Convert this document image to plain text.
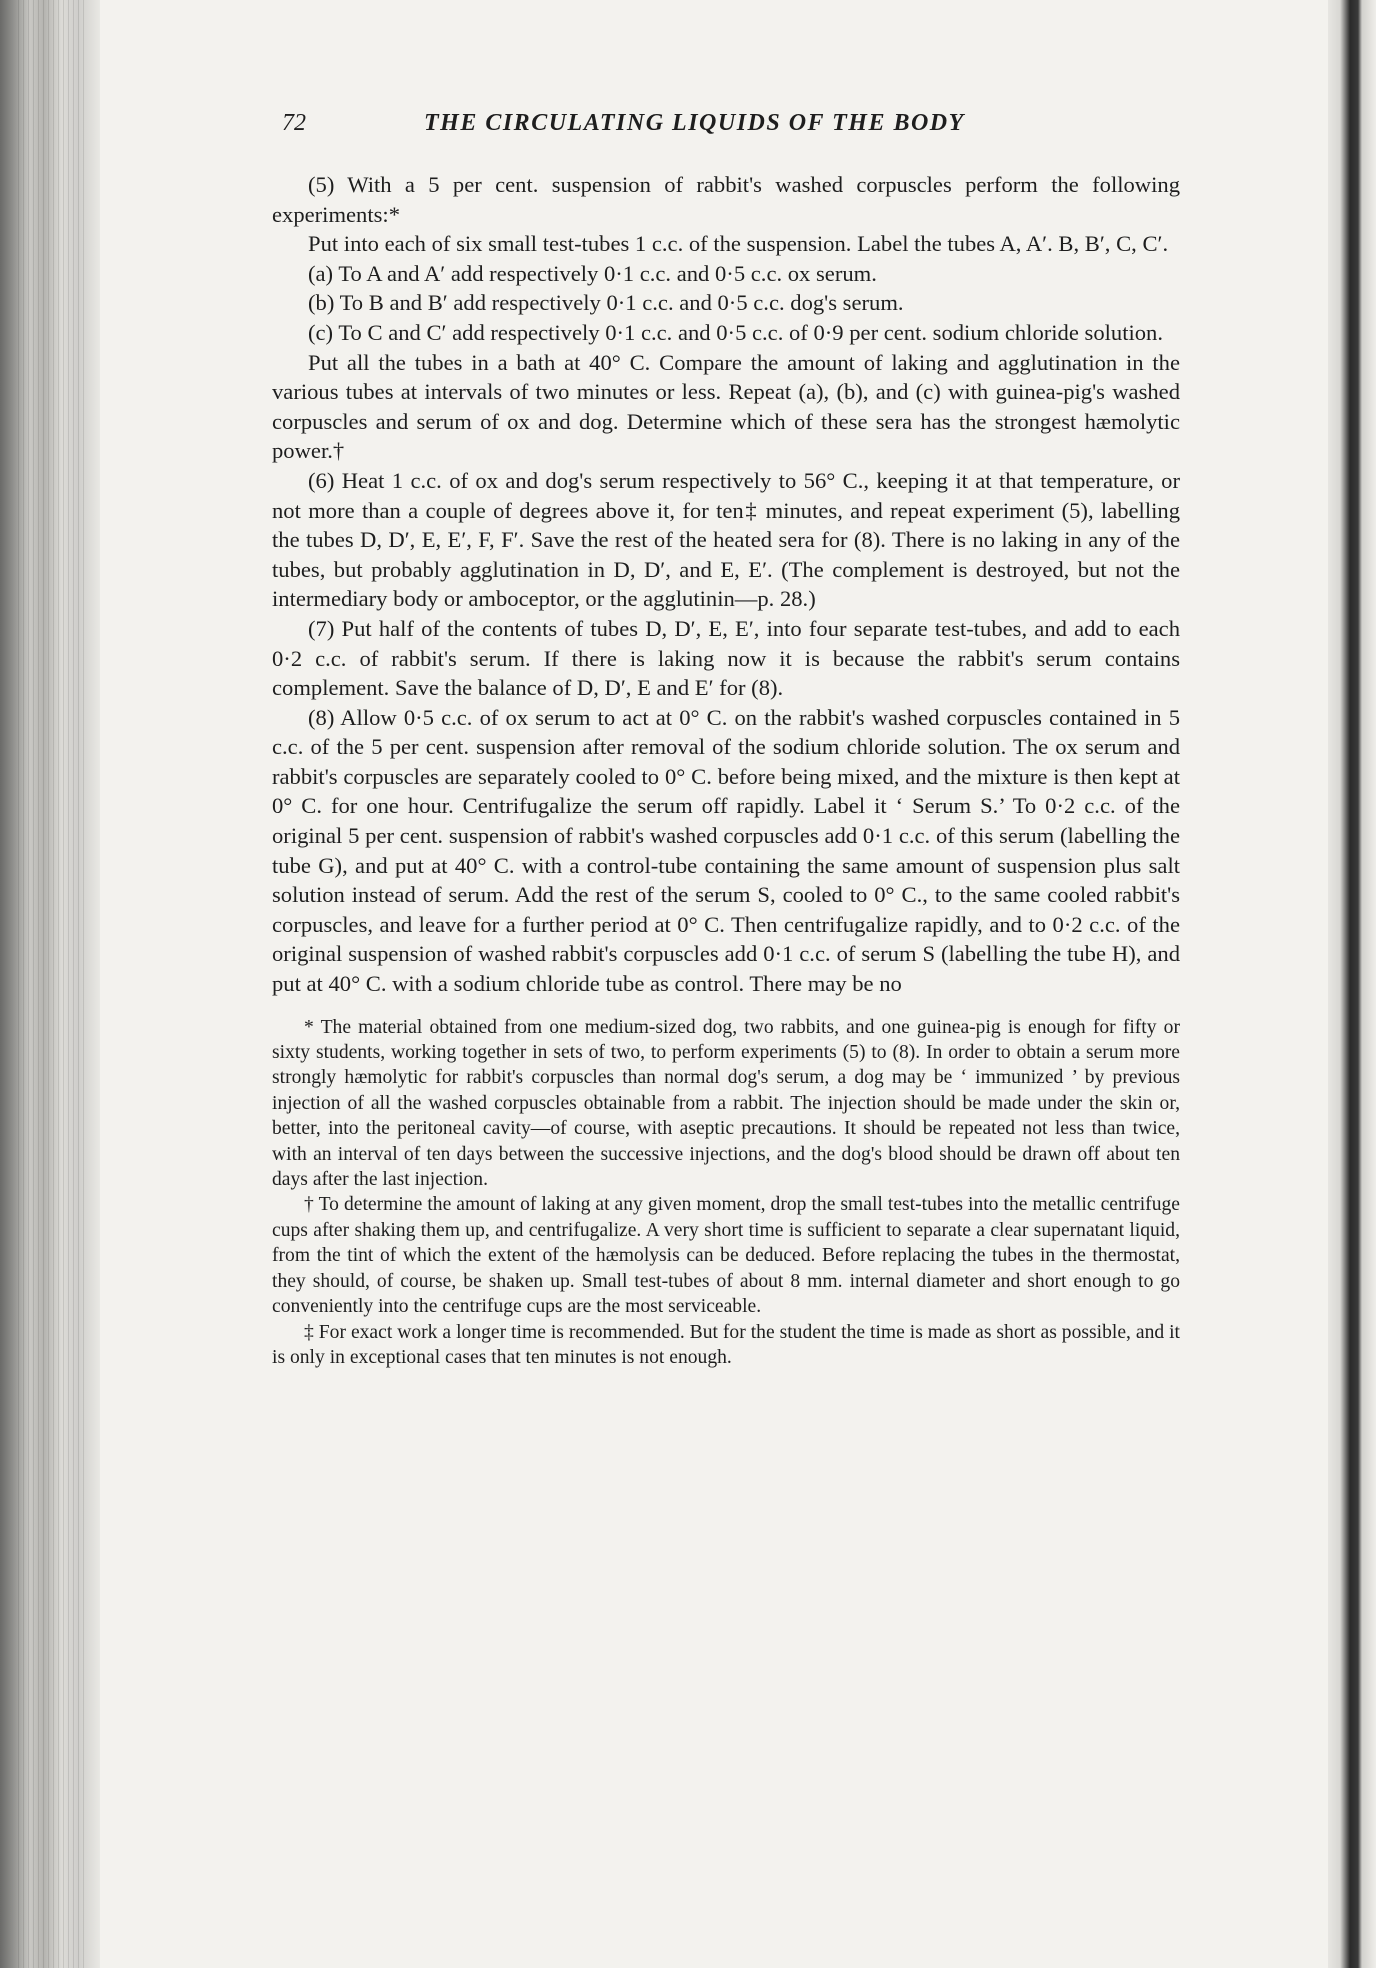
72	THE CIRCULATING LIQUIDS OF THE BODY

(5) With a 5 per cent. suspension of rabbit's washed corpuscles perform the following experiments:*

Put into each of six small test-tubes 1 c.c. of the suspension. Label the tubes A, A′. B, B′, C, C′.

(a) To A and A′ add respectively 0·1 c.c. and 0·5 c.c. ox serum.

(b) To B and B′ add respectively 0·1 c.c. and 0·5 c.c. dog's serum.

(c) To C and C′ add respectively 0·1 c.c. and 0·5 c.c. of 0·9 per cent. sodium chloride solution.

Put all the tubes in a bath at 40° C. Compare the amount of laking and agglutination in the various tubes at intervals of two minutes or less. Repeat (a), (b), and (c) with guinea-pig's washed corpuscles and serum of ox and dog. Determine which of these sera has the strongest hæmolytic power.†

(6) Heat 1 c.c. of ox and dog's serum respectively to 56° C., keeping it at that temperature, or not more than a couple of degrees above it, for ten‡ minutes, and repeat experiment (5), labelling the tubes D, D′, E, E′, F, F′. Save the rest of the heated sera for (8). There is no laking in any of the tubes, but probably agglutination in D, D′, and E, E′. (The complement is destroyed, but not the intermediary body or amboceptor, or the agglutinin—p. 28.)

(7) Put half of the contents of tubes D, D′, E, E′, into four separate test-tubes, and add to each 0·2 c.c. of rabbit's serum. If there is laking now it is because the rabbit's serum contains complement. Save the balance of D, D′, E and E′ for (8).

(8) Allow 0·5 c.c. of ox serum to act at 0° C. on the rabbit's washed corpuscles contained in 5 c.c. of the 5 per cent. suspension after removal of the sodium chloride solution. The ox serum and rabbit's corpuscles are separately cooled to 0° C. before being mixed, and the mixture is then kept at 0° C. for one hour. Centrifugalize the serum off rapidly. Label it ‘ Serum S.’ To 0·2 c.c. of the original 5 per cent. suspension of rabbit's washed corpuscles add 0·1 c.c. of this serum (labelling the tube G), and put at 40° C. with a control-tube containing the same amount of suspension plus salt solution instead of serum. Add the rest of the serum S, cooled to 0° C., to the same cooled rabbit's corpuscles, and leave for a further period at 0° C. Then centrifugalize rapidly, and to 0·2 c.c. of the original suspension of washed rabbit's corpuscles add 0·1 c.c. of serum S (labelling the tube H), and put at 40° C. with a sodium chloride tube as control. There may be no

* The material obtained from one medium-sized dog, two rabbits, and one guinea-pig is enough for fifty or sixty students, working together in sets of two, to perform experiments (5) to (8). In order to obtain a serum more strongly hæmolytic for rabbit's corpuscles than normal dog's serum, a dog may be ‘ immunized ’ by previous injection of all the washed corpuscles obtainable from a rabbit. The injection should be made under the skin or, better, into the peritoneal cavity—of course, with aseptic precautions. It should be repeated not less than twice, with an interval of ten days between the successive injections, and the dog's blood should be drawn off about ten days after the last injection.

† To determine the amount of laking at any given moment, drop the small test-tubes into the metallic centrifuge cups after shaking them up, and centrifugalize. A very short time is sufficient to separate a clear supernatant liquid, from the tint of which the extent of the hæmolysis can be deduced. Before replacing the tubes in the thermostat, they should, of course, be shaken up. Small test-tubes of about 8 mm. internal diameter and short enough to go conveniently into the centrifuge cups are the most serviceable.

‡ For exact work a longer time is recommended. But for the student the time is made as short as possible, and it is only in exceptional cases that ten minutes is not enough.
